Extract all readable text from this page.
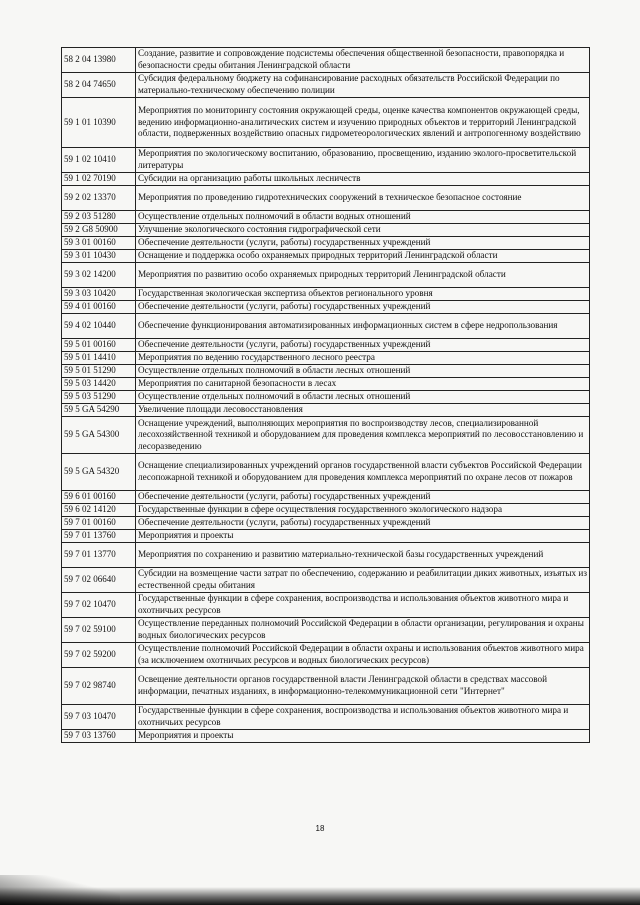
58 2 04 13980	Создание, развитие и сопровождение подсистемы обеспечения общественной безопасности, правопорядка и безопасности среды обитания Ленинградской области
58 2 04 74650	Субсидия федеральному бюджету на софинансирование расходных обязательств Российской Федерации по материально-техническому обеспечению полиции
59 1 01 10390	Мероприятия по мониторингу состояния окружающей среды, оценке качества компонентов окружающей среды, ведению информационно-аналитических систем и изучению природных объектов и территорий Ленинградской области, подверженных воздействию опасных гидрометеорологических явлений и антропогенному воздействию
59 1 02 10410	Мероприятия по экологическому воспитанию, образованию, просвещению, изданию эколого-просветительской литературы
59 1 02 70190	Субсидии на организацию работы школьных лесничеств
59 2 02 13370	Мероприятия по проведению гидротехнических сооружений в техническое безопасное состояние
59 2 03 51280	Осуществление отдельных полномочий в области водных отношений
59 2 G8 50900	Улучшение экологического состояния гидрографической сети
59 3 01 00160	Обеспечение деятельности (услуги, работы) государственных учреждений
59 3 01 10430	Оснащение и поддержка особо охраняемых природных территорий Ленинградской области
59 3 02 14200	Мероприятия по развитию особо охраняемых природных территорий Ленинградской области
59 3 03 10420	Государственная экологическая экспертиза объектов регионального уровня
59 4 01 00160	Обеспечение деятельности (услуги, работы) государственных учреждений
59 4 02 10440	Обеспечение функционирования автоматизированных информационных систем в сфере недропользования
59 5 01 00160	Обеспечение деятельности (услуги, работы) государственных учреждений
59 5 01 14410	Мероприятия по ведению государственного лесного реестра
59 5 01 51290	Осуществление отдельных полномочий в области лесных отношений
59 5 03 14420	Мероприятия по санитарной безопасности в лесах
59 5 03 51290	Осуществление отдельных полномочий в области лесных отношений
59 5 GA 54290	Увеличение площади лесовосстановления
59 5 GA 54300	Оснащение учреждений, выполняющих мероприятия по воспроизводству лесов, специализированной лесохозяйственной техникой и оборудованием для проведения комплекса мероприятий по лесовосстановлению и лесоразведению
59 5 GA 54320	Оснащение специализированных учреждений органов государственной власти субъектов Российской Федерации лесопожарной техникой и оборудованием для проведения комплекса мероприятий по охране лесов от пожаров
59 6 01 00160	Обеспечение деятельности (услуги, работы) государственных учреждений
59 6 02 14120	Государственные функции в сфере осуществления государственного экологического надзора
59 7 01 00160	Обеспечение деятельности (услуги, работы) государственных учреждений
59 7 01 13760	Мероприятия и проекты
59 7 01 13770	Мероприятия по сохранению и развитию материально-технической базы государственных учреждений
59 7 02 06640	Субсидии на возмещение части затрат по обеспечению, содержанию и реабилитации диких животных, изъятых из естественной среды обитания
59 7 02 10470	Государственные функции в сфере сохранения, воспроизводства и использования объектов животного мира и охотничьих ресурсов
59 7 02 59100	Осуществление переданных полномочий Российской Федерации в области организации, регулирования и охраны водных биологических ресурсов
59 7 02 59200	Осуществление полномочий Российской Федерации в области охраны и использования объектов животного мира (за исключением охотничьих ресурсов и водных биологических ресурсов)
59 7 02 98740	Освещение деятельности органов государственной власти Ленинградской области в средствах массовой информации, печатных изданиях, в информационно-телекоммуникационной сети "Интернет"
59 7 03 10470	Государственные функции в сфере сохранения, воспроизводства и использования объектов животного мира и охотничьих ресурсов
59 7 03 13760	Мероприятия и проекты
18
